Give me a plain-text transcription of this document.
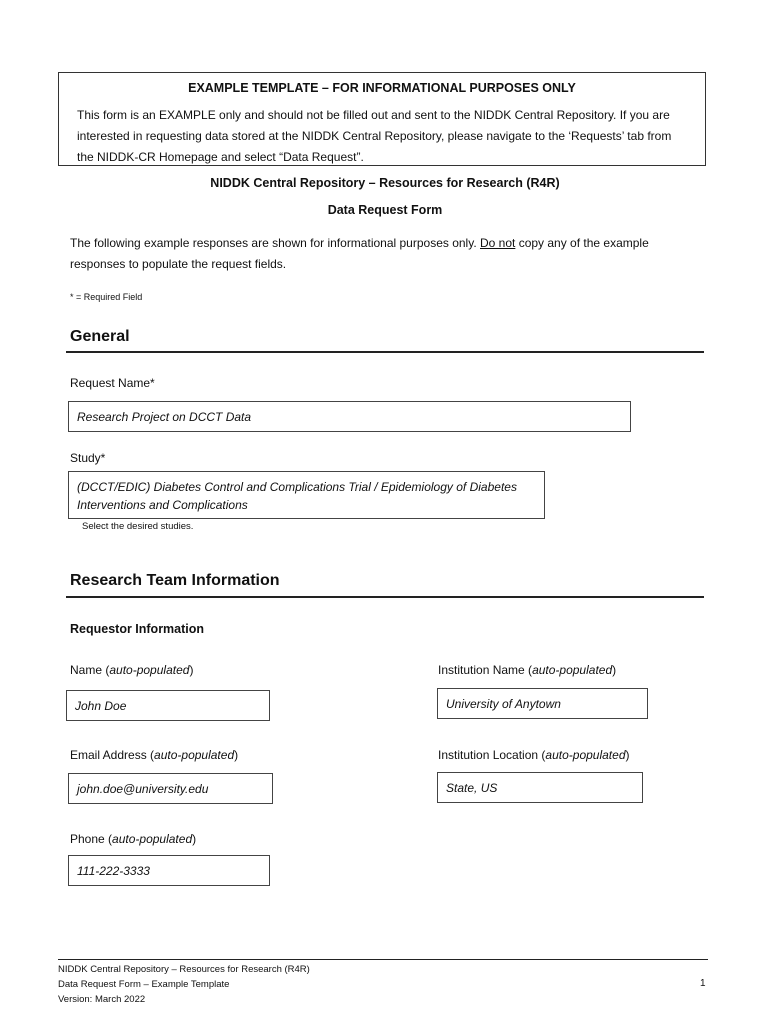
EXAMPLE TEMPLATE – FOR INFORMATIONAL PURPOSES ONLY
This form is an EXAMPLE only and should not be filled out and sent to the NIDDK Central Repository. If you are interested in requesting data stored at the NIDDK Central Repository, please navigate to the ‘Requests’ tab from the NIDDK-CR Homepage and select “Data Request”.
NIDDK Central Repository – Resources for Research (R4R)
Data Request Form
The following example responses are shown for informational purposes only. Do not copy any of the example responses to populate the request fields.
* = Required Field
General
Request Name*
Research Project on DCCT Data
Study*
(DCCT/EDIC) Diabetes Control and Complications Trial / Epidemiology of Diabetes Interventions and Complications
Select the desired studies.
Research Team Information
Requestor Information
Name (auto-populated)
John Doe
Institution Name (auto-populated)
University of Anytown
Email Address (auto-populated)
john.doe@university.edu
Institution Location (auto-populated)
State, US
Phone (auto-populated)
111-222-3333
NIDDK Central Repository – Resources for Research (R4R)
Data Request Form – Example Template
Version: March 2022
1
